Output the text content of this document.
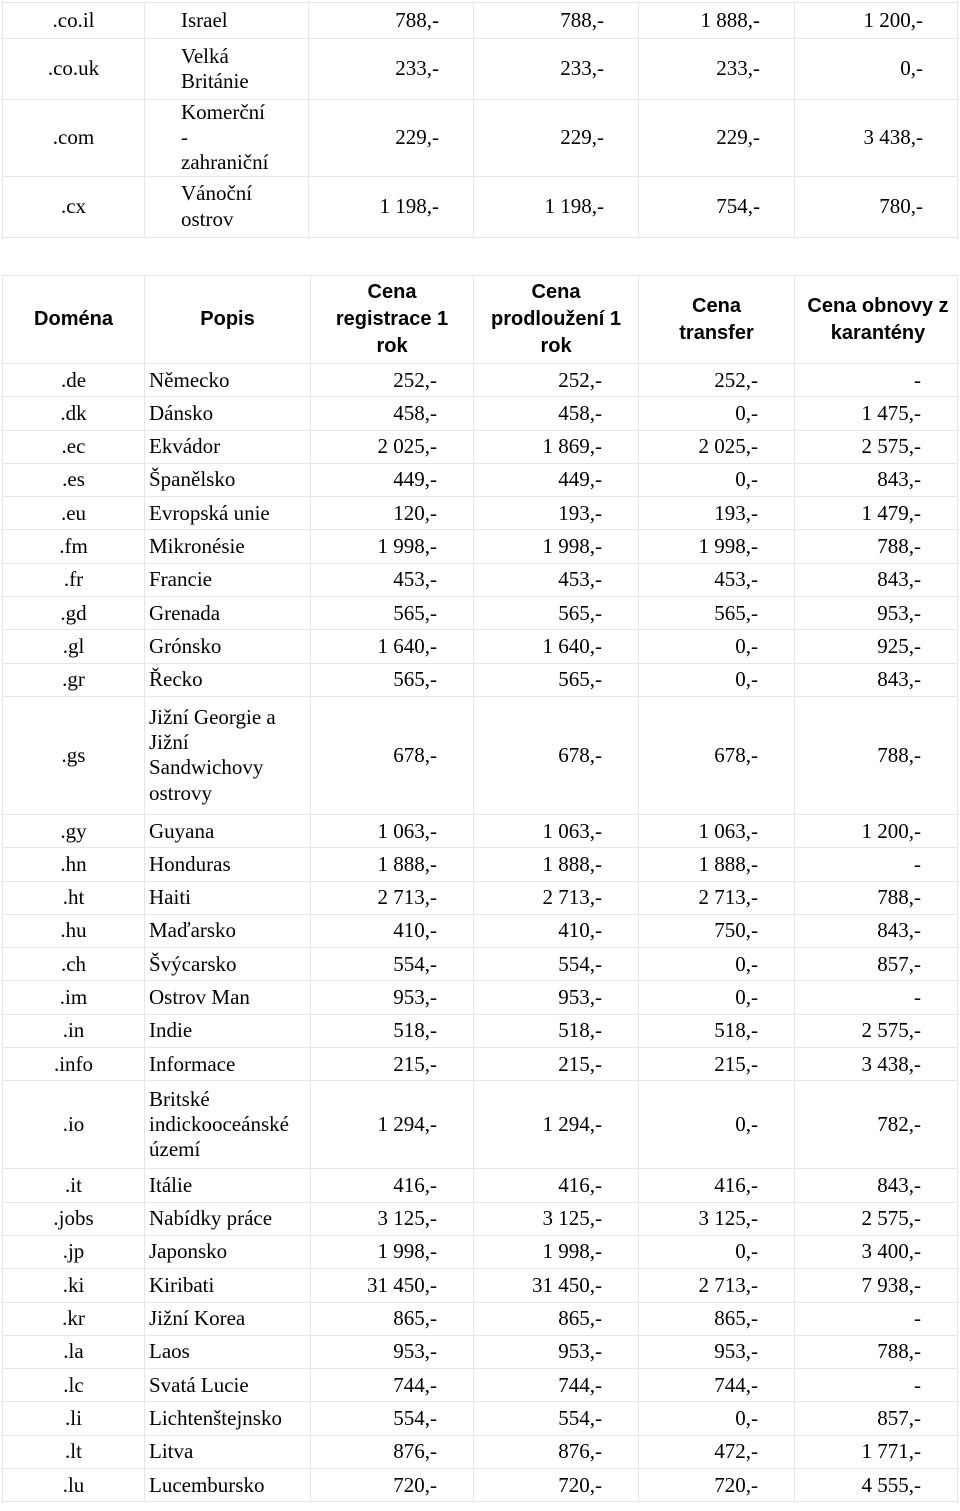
.co.il	Israel	788,-	788,-	1 888,-	1 200,-
.co.uk	Velká Británie	233,-	233,-	233,-	0,-
.com	Komerční - zahraniční	229,-	229,-	229,-	3 438,-
.cx	Vánoční ostrov	1 198,-	1 198,-	754,-	780,-
Doména	Popis	Cena registrace 1 rok	Cena prodloužení 1 rok	Cena transfer	Cena obnovy z karantény
.de	Německo	252,-	252,-	252,-	-
.dk	Dánsko	458,-	458,-	0,-	1 475,-
.ec	Ekvádor	2 025,-	1 869,-	2 025,-	2 575,-
.es	Španělsko	449,-	449,-	0,-	843,-
.eu	Evropská unie	120,-	193,-	193,-	1 479,-
.fm	Mikronésie	1 998,-	1 998,-	1 998,-	788,-
.fr	Francie	453,-	453,-	453,-	843,-
.gd	Grenada	565,-	565,-	565,-	953,-
.gl	Grónsko	1 640,-	1 640,-	0,-	925,-
.gr	Řecko	565,-	565,-	0,-	843,-
.gs	Jižní Georgie a Jižní Sandwichovy ostrovy	678,-	678,-	678,-	788,-
.gy	Guyana	1 063,-	1 063,-	1 063,-	1 200,-
.hn	Honduras	1 888,-	1 888,-	1 888,-	-
.ht	Haiti	2 713,-	2 713,-	2 713,-	788,-
.hu	Maďarsko	410,-	410,-	750,-	843,-
.ch	Švýcarsko	554,-	554,-	0,-	857,-
.im	Ostrov Man	953,-	953,-	0,-	-
.in	Indie	518,-	518,-	518,-	2 575,-
.info	Informace	215,-	215,-	215,-	3 438,-
.io	Britské indickooceánské území	1 294,-	1 294,-	0,-	782,-
.it	Itálie	416,-	416,-	416,-	843,-
.jobs	Nabídky práce	3 125,-	3 125,-	3 125,-	2 575,-
.jp	Japonsko	1 998,-	1 998,-	0,-	3 400,-
.ki	Kiribati	31 450,-	31 450,-	2 713,-	7 938,-
.kr	Jižní Korea	865,-	865,-	865,-	-
.la	Laos	953,-	953,-	953,-	788,-
.lc	Svatá Lucie	744,-	744,-	744,-	-
.li	Lichtenštejnsko	554,-	554,-	0,-	857,-
.lt	Litva	876,-	876,-	472,-	1 771,-
.lu	Lucembursko	720,-	720,-	720,-	4 555,-
